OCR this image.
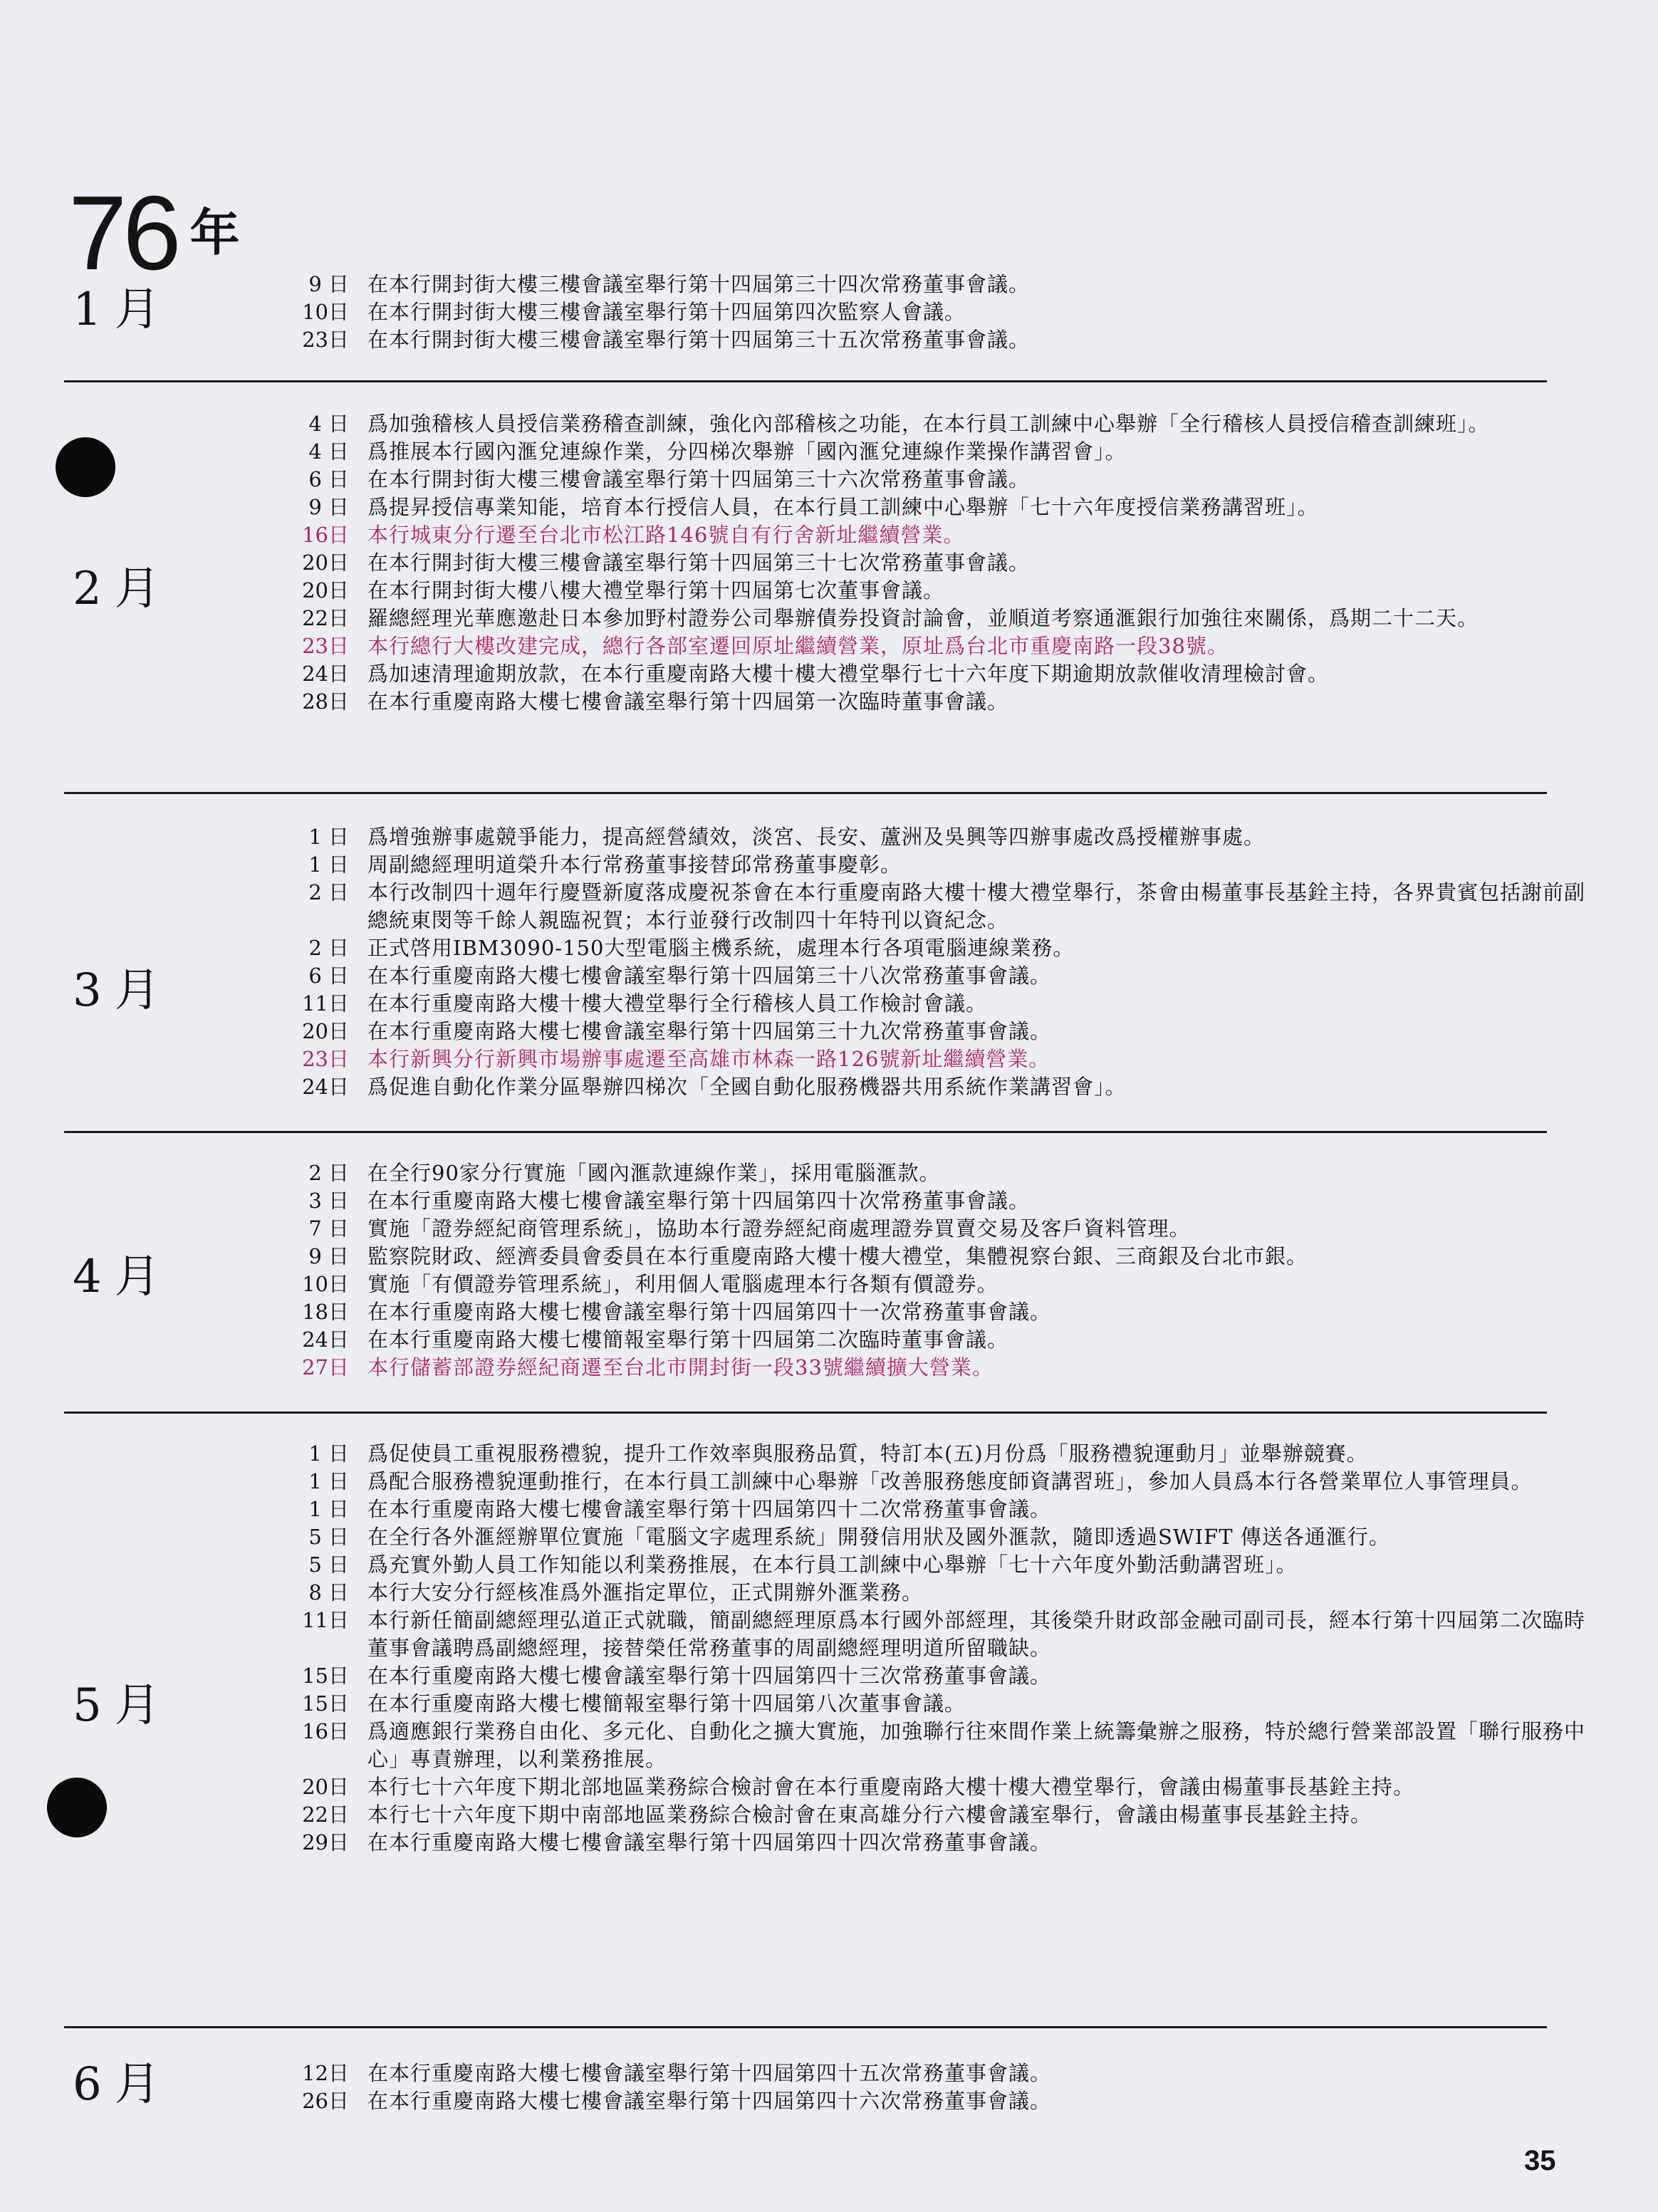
76 年
1 月	9 日 在本行開封街大樓三樓會議室舉行第十四屆第三十四次常務董事會議。
10日 在本行開封街大樓三樓會議室舉行第十四屆第四次監察人會議。
23日 在本行開封街大樓三樓會議室舉行第十四屆第三十五次常務董事會議。
2 月
4 日 爲加強稽核人員授信業務稽查訓練，強化內部稽核之功能，在本行員工訓練中心舉辦「全行稽核人員授信稽查訓練班」。
4 日 爲推展本行國內滙兌連線作業，分四梯次舉辦「國內滙兌連線作業操作講習會」。
6 日 在本行開封街大樓三樓會議室舉行第十四屆第三十六次常務董事會議。
9 日 爲提昇授信專業知能，培育本行授信人員，在本行員工訓練中心舉辦「七十六年度授信業務講習班」。
16日 本行城東分行遷至台北市松江路146號自有行舍新址繼續營業。
20日 在本行開封街大樓三樓會議室舉行第十四屆第三十七次常務董事會議。
20日 在本行開封街大樓八樓大禮堂舉行第十四屆第七次董事會議。
22日 羅總經理光華應邀赴日本參加野村證券公司舉辦債券投資討論會，並順道考察通滙銀行加強往來關係，爲期二十二天。
23日 本行總行大樓改建完成，總行各部室遷回原址繼續營業，原址爲台北市重慶南路一段38號。
24日 爲加速清理逾期放款，在本行重慶南路大樓十樓大禮堂舉行七十六年度下期逾期放款催收清理檢討會。
28日 在本行重慶南路大樓七樓會議室舉行第十四屆第一次臨時董事會議。
3 月
1 日 爲增強辦事處競爭能力，提高經營績效，淡宮、長安、蘆洲及吳興等四辦事處改爲授權辦事處。
1 日 周副總經理明道榮升本行常務董事接替邱常務董事慶彰。
2 日 本行改制四十週年行慶暨新廈落成慶祝茶會在本行重慶南路大樓十樓大禮堂舉行，茶會由楊董事長基銓主持，各界貴賓包括謝前副總統東閔等千餘人親臨祝賀；本行並發行改制四十年特刊以資紀念。
2 日 正式啓用IBM3090-150大型電腦主機系統，處理本行各項電腦連線業務。
6 日 在本行重慶南路大樓七樓會議室舉行第十四屆第三十八次常務董事會議。
11日 在本行重慶南路大樓十樓大禮堂舉行全行稽核人員工作檢討會議。
20日 在本行重慶南路大樓七樓會議室舉行第十四屆第三十九次常務董事會議。
23日 本行新興分行新興市場辦事處遷至高雄市林森一路126號新址繼續營業。
24日 爲促進自動化作業分區舉辦四梯次「全國自動化服務機器共用系統作業講習會」。
4 月
2 日 在全行90家分行實施「國內滙款連線作業」，採用電腦滙款。
3 日 在本行重慶南路大樓七樓會議室舉行第十四屆第四十次常務董事會議。
7 日 實施「證券經紀商管理系統」，協助本行證券經紀商處理證券買賣交易及客戶資料管理。
9 日 監察院財政、經濟委員會委員在本行重慶南路大樓十樓大禮堂，集體視察台銀、三商銀及台北市銀。
10日 實施「有價證券管理系統」，利用個人電腦處理本行各類有價證券。
18日 在本行重慶南路大樓七樓會議室舉行第十四屆第四十一次常務董事會議。
24日 在本行重慶南路大樓七樓簡報室舉行第十四屆第二次臨時董事會議。
27日 本行儲蓄部證券經紀商遷至台北市開封街一段33號繼續擴大營業。
5 月
1 日 爲促使員工重視服務禮貌，提升工作效率與服務品質，特訂本(五)月份爲「服務禮貌運動月」並舉辦競賽。
1 日 爲配合服務禮貌運動推行，在本行員工訓練中心舉辦「改善服務態度師資講習班」，參加人員爲本行各營業單位人事管理員。
1 日 在本行重慶南路大樓七樓會議室舉行第十四屆第四十二次常務董事會議。
5 日 在全行各外滙經辦單位實施「電腦文字處理系統」開發信用狀及國外滙款，隨即透過SWIFT 傳送各通滙行。
5 日 爲充實外勤人員工作知能以利業務推展，在本行員工訓練中心舉辦「七十六年度外勤活動講習班」。
8 日 本行大安分行經核准爲外滙指定單位，正式開辦外滙業務。
11日 本行新任簡副總經理弘道正式就職，簡副總經理原爲本行國外部經理，其後榮升財政部金融司副司長，經本行第十四屆第二次臨時董事會議聘爲副總經理，接替榮任常務董事的周副總經理明道所留職缺。
15日 在本行重慶南路大樓七樓會議室舉行第十四屆第四十三次常務董事會議。
15日 在本行重慶南路大樓七樓簡報室舉行第十四屆第八次董事會議。
16日 爲適應銀行業務自由化、多元化、自動化之擴大實施，加強聯行往來間作業上統籌彙辦之服務，特於總行營業部設置「聯行服務中心」專責辦理，以利業務推展。
20日 本行七十六年度下期北部地區業務綜合檢討會在本行重慶南路大樓十樓大禮堂舉行，會議由楊董事長基銓主持。
22日 本行七十六年度下期中南部地區業務綜合檢討會在東高雄分行六樓會議室舉行，會議由楊董事長基銓主持。
29日 在本行重慶南路大樓七樓會議室舉行第十四屆第四十四次常務董事會議。
6 月	12日 在本行重慶南路大樓七樓會議室舉行第十四屆第四十五次常務董事會議。
26日 在本行重慶南路大樓七樓會議室舉行第十四屆第四十六次常務董事會議。
35
